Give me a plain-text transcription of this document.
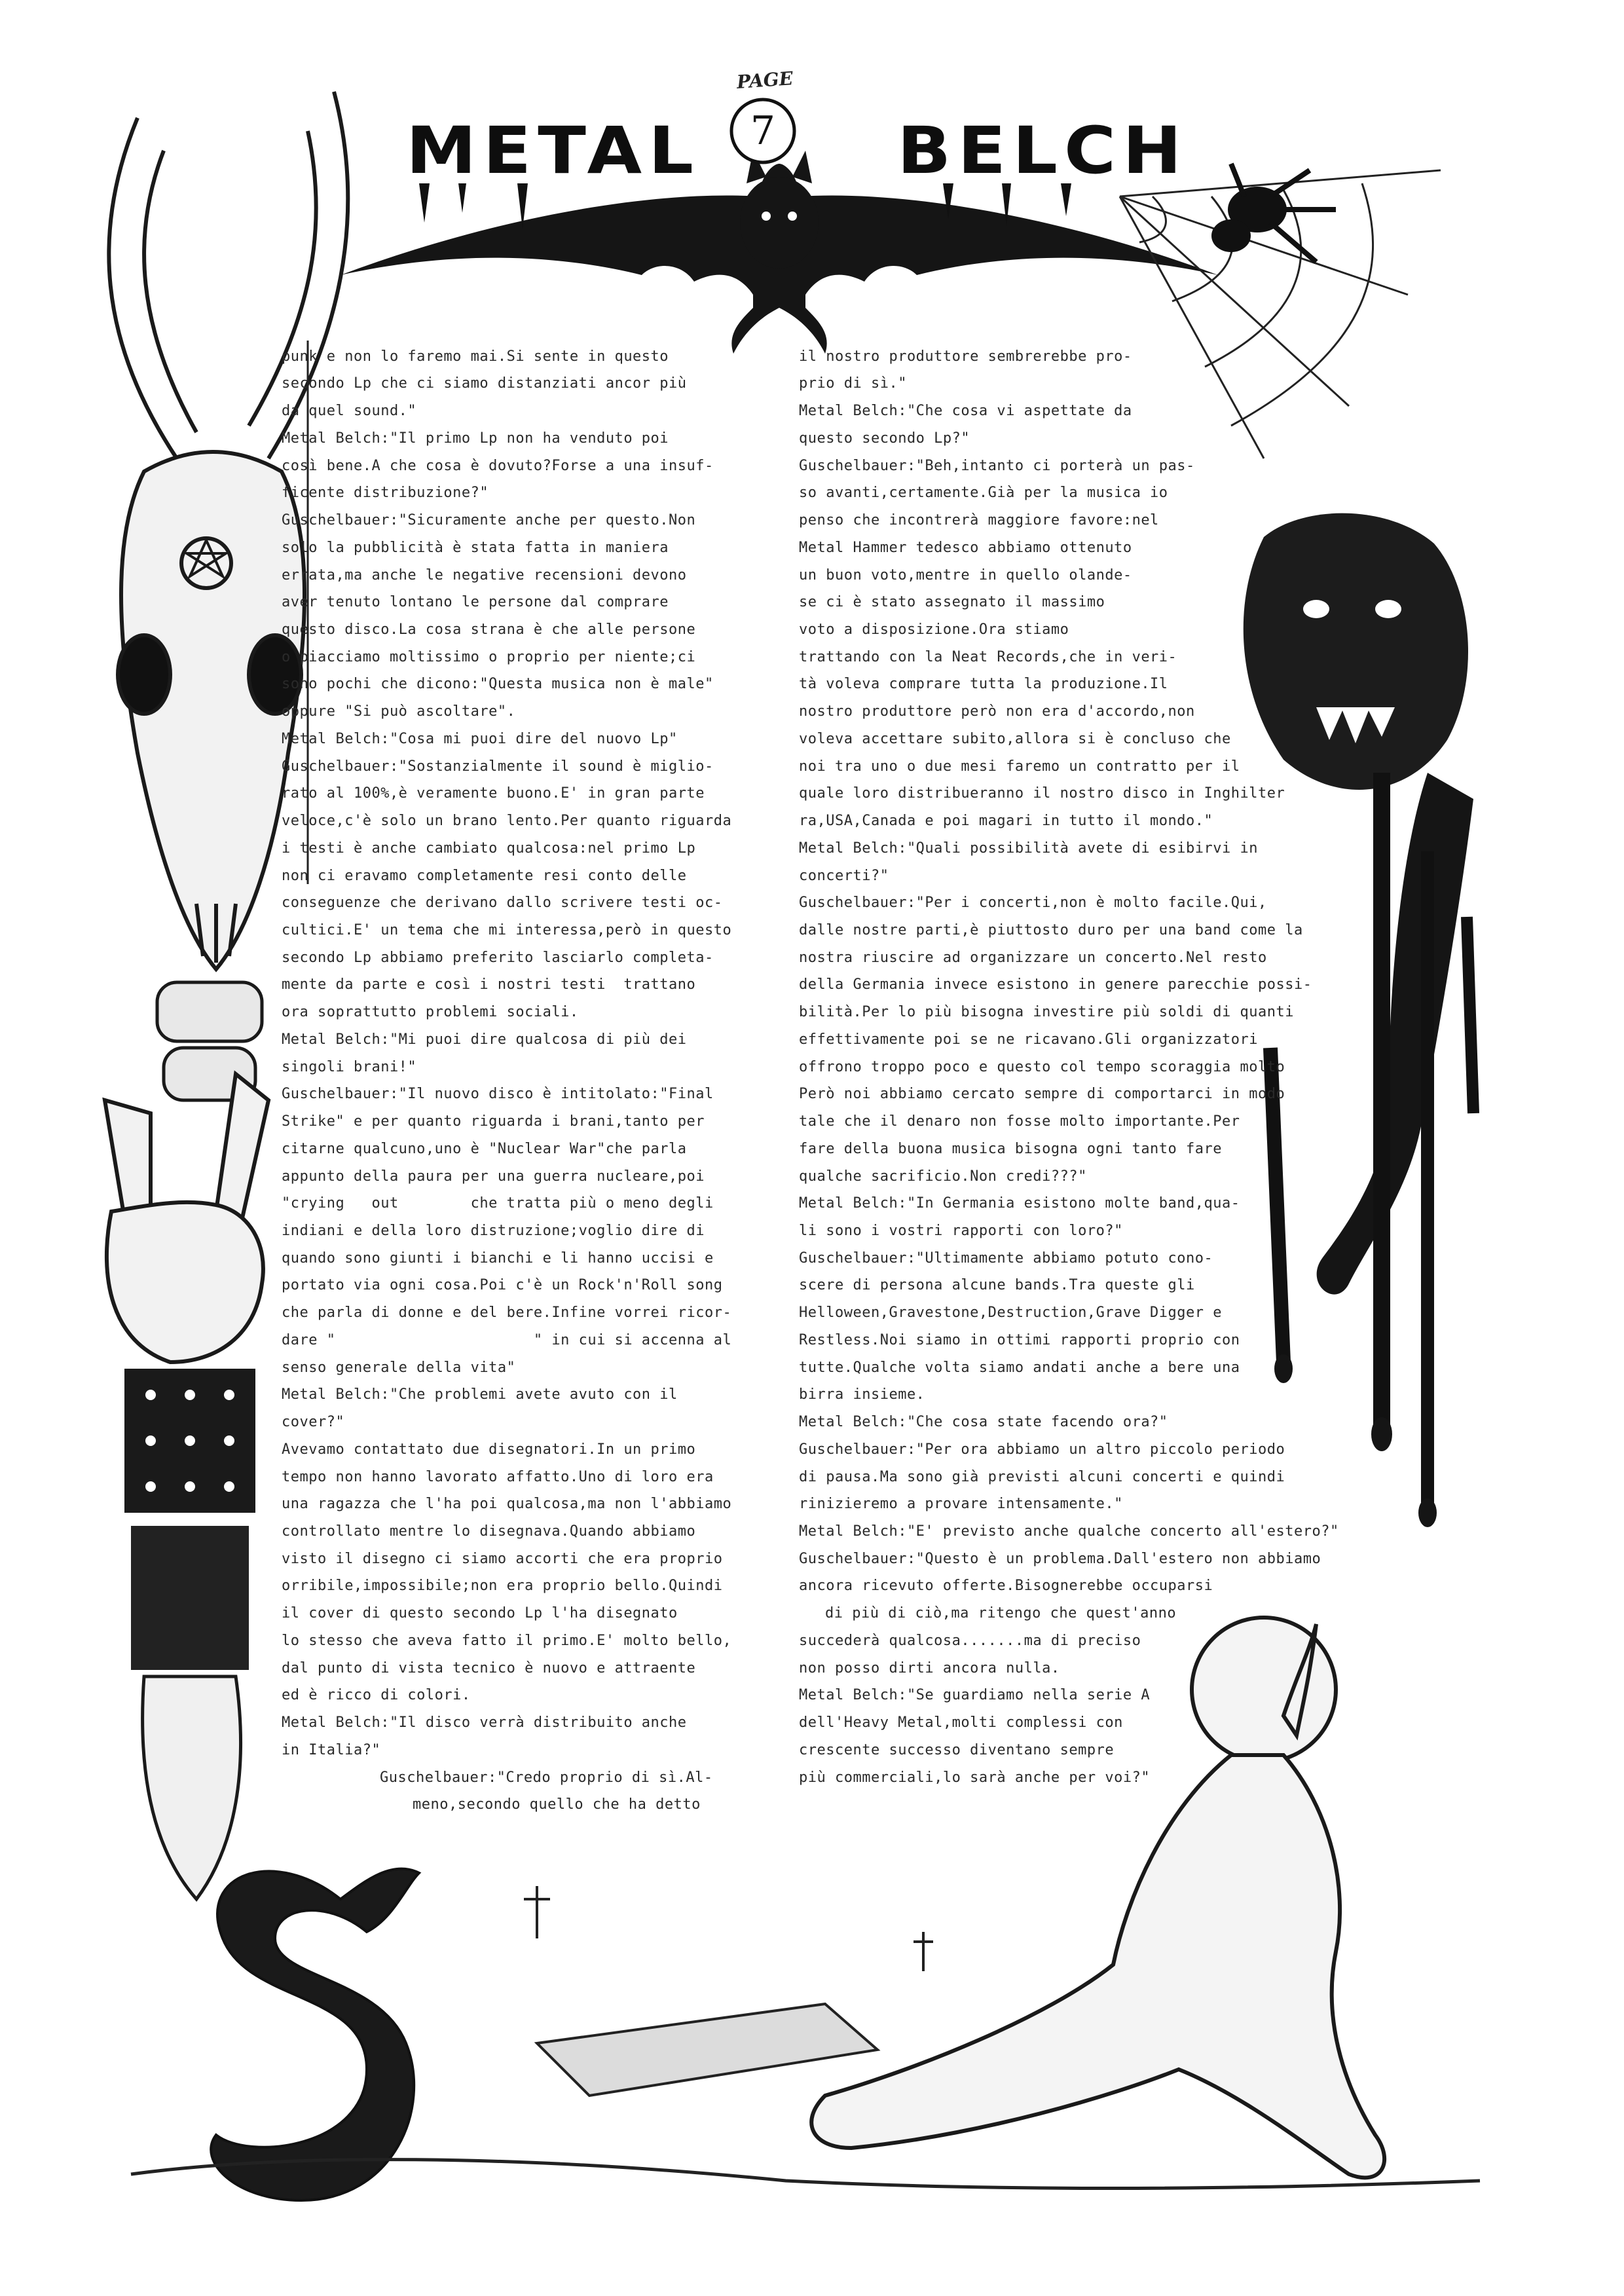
METAL	BELCH
PAGE
7
punk e non lo faremo mai.Si sente in questo
secondo Lp che ci siamo distanziati ancor più
da quel sound."
Metal Belch:"Il primo Lp non ha venduto poi
così bene.A che cosa è dovuto?Forse a una insuf-
ficente distribuzione?"
Guschelbauer:"Sicuramente anche per questo.Non
solo la pubblicità è stata fatta in maniera
errata,ma anche le negative recensioni devono
aver tenuto lontano le persone dal comprare
questo disco.La cosa strana è che alle persone
o piacciamo moltissimo o proprio per niente;ci
sono pochi che dicono:"Questa musica non è male"
oppure "Si può ascoltare".
Metal Belch:"Cosa mi puoi dire del nuovo Lp"
Guschelbauer:"Sostanzialmente il sound è miglio-
rato al 100%,è veramente buono.E' in gran parte
veloce,c'è solo un brano lento.Per quanto riguarda
i testi è anche cambiato qualcosa:nel primo Lp
non ci eravamo completamente resi conto delle
conseguenze che derivano dallo scrivere testi oc-
cultici.E' un tema che mi interessa,però in questo
secondo Lp abbiamo preferito lasciarlo completa-
mente da parte e così i nostri testi  trattano
ora soprattutto problemi sociali.
Metal Belch:"Mi puoi dire qualcosa di più dei
singoli brani!"
Guschelbauer:"Il nuovo disco è intitolato:"Final
Strike" e per quanto riguarda i brani,tanto per
citarne qualcuno,uno è "Nuclear War"che parla
appunto della paura per una guerra nucleare,poi
"crying   out        che tratta più o meno degli
indiani e della loro distruzione;voglio dire di
quando sono giunti i bianchi e li hanno uccisi e
portato via ogni cosa.Poi c'è un Rock'n'Roll song
che parla di donne e del bere.Infine vorrei ricor-
dare "                      " in cui si accenna al
senso generale della vita"
Metal Belch:"Che problemi avete avuto con il
cover?"
Avevamo contattato due disegnatori.In un primo
tempo non hanno lavorato affatto.Uno di loro era
una ragazza che l'ha poi qualcosa,ma non l'abbiamo
controllato mentre lo disegnava.Quando abbiamo
visto il disegno ci siamo accorti che era proprio
orribile,impossibile;non era proprio bello.Quindi
il cover di questo secondo Lp l'ha disegnato
lo stesso che aveva fatto il primo.E' molto bello,
dal punto di vista tecnico è nuovo e attraente
ed è ricco di colori.
Metal Belch:"Il disco verrà distribuito anche
in Italia?"
Guschelbauer:"Credo proprio di sì.Al-
meno,secondo quello che ha detto
il nostro produttore sembrerebbe pro-
prio di sì."
Metal Belch:"Che cosa vi aspettate da
questo secondo Lp?"
Guschelbauer:"Beh,intanto ci porterà un pas-
so avanti,certamente.Già per la musica io
penso che incontrerà maggiore favore:nel
Metal Hammer tedesco abbiamo ottenuto
un buon voto,mentre in quello olande-
se ci è stato assegnato il massimo
voto a disposizione.Ora stiamo
trattando con la Neat Records,che in veri-
tà voleva comprare tutta la produzione.Il
nostro produttore però non era d'accordo,non
voleva accettare subito,allora si è concluso che
noi tra uno o due mesi faremo un contratto per il
quale loro distribueranno il nostro disco in Inghilter
ra,USA,Canada e poi magari in tutto il mondo."
Metal Belch:"Quali possibilità avete di esibirvi in
concerti?"
Guschelbauer:"Per i concerti,non è molto facile.Qui,
dalle nostre parti,è piuttosto duro per una band come la
nostra riuscire ad organizzare un concerto.Nel resto
della Germania invece esistono in genere parecchie possi-
bilità.Per lo più bisogna investire più soldi di quanti
effettivamente poi se ne ricavano.Gli organizzatori
offrono troppo poco e questo col tempo scoraggia molto
Però noi abbiamo cercato sempre di comportarci in modo
tale che il denaro non fosse molto importante.Per
fare della buona musica bisogna ogni tanto fare
qualche sacrificio.Non credi???"
Metal Belch:"In Germania esistono molte band,qua-
li sono i vostri rapporti con loro?"
Guschelbauer:"Ultimamente abbiamo potuto cono-
scere di persona alcune bands.Tra queste gli
Helloween,Gravestone,Destruction,Grave Digger e
Restless.Noi siamo in ottimi rapporti proprio con
tutte.Qualche volta siamo andati anche a bere una
birra insieme.
Metal Belch:"Che cosa state facendo ora?"
Guschelbauer:"Per ora abbiamo un altro piccolo periodo
di pausa.Ma sono già previsti alcuni concerti e quindi
rinizieremo a provare intensamente."
Metal Belch:"E' previsto anche qualche concerto all'estero?"
Guschelbauer:"Questo è un problema.Dall'estero non abbiamo
ancora ricevuto offerte.Bisognerebbe occuparsi
di più di ciò,ma ritengo che quest'anno
succederà qualcosa.......ma di preciso
non posso dirti ancora nulla.
Metal Belch:"Se guardiamo nella serie A
dell'Heavy Metal,molti complessi con
crescente successo diventano sempre
più commerciali,lo sarà anche per voi?"
